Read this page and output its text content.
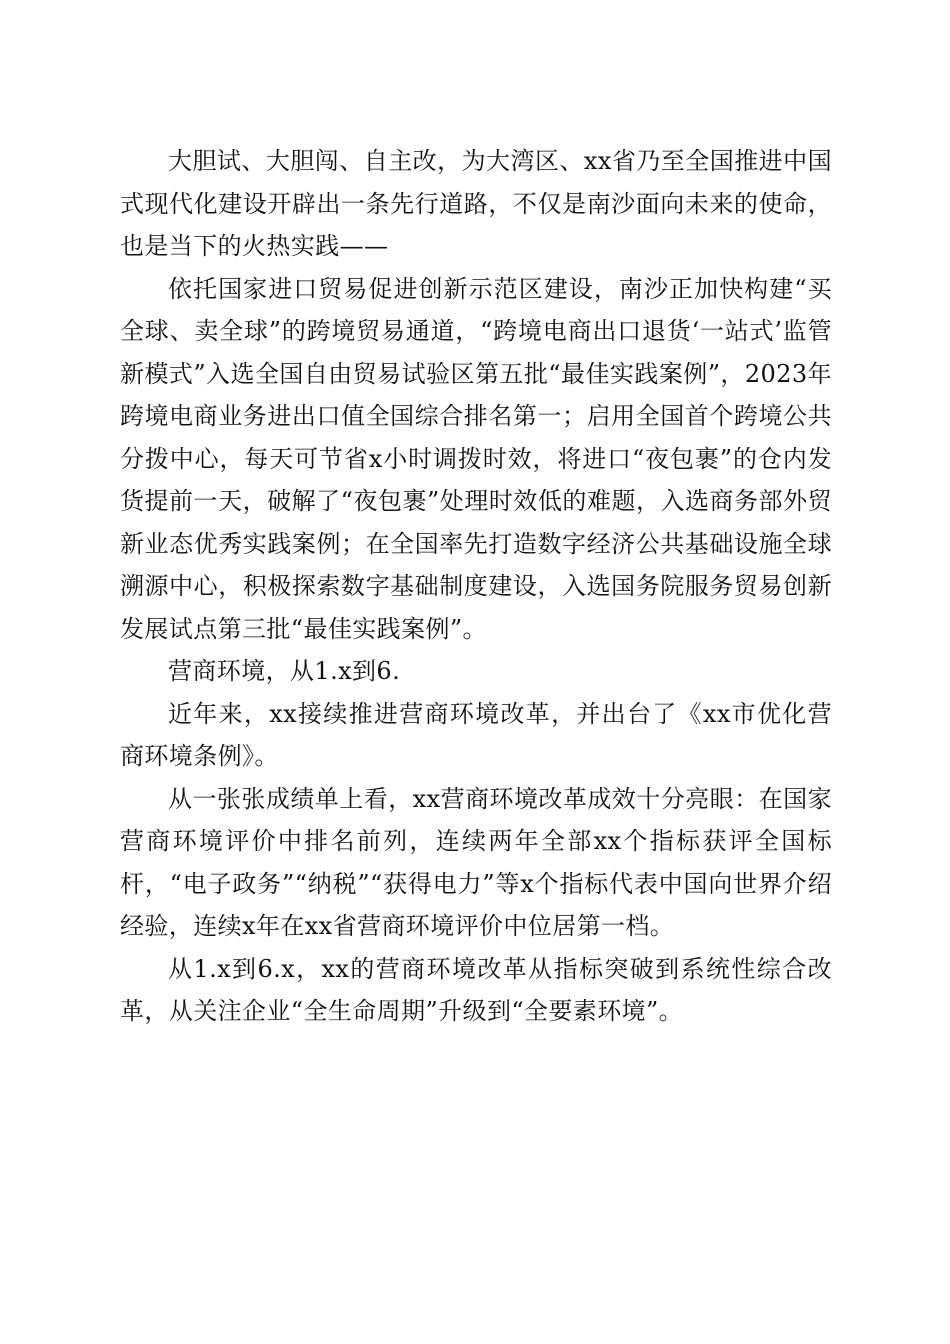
大胆试、大胆闯、自主改，为大湾区、xx省乃至全国推进中国式现代化建设开辟出一条先行道路，不仅是南沙面向未来的使命，也是当下的火热实践——

依托国家进口贸易促进创新示范区建设，南沙正加快构建“买全球、卖全球”的跨境贸易通道，“跨境电商出口退货‘一站式’监管新模式”入选全国自由贸易试验区第五批“最佳实践案例”，2023年跨境电商业务进出口值全国综合排名第一；启用全国首个跨境公共分拨中心，每天可节省x小时调拨时效，将进口“夜包裹”的仓内发货提前一天，破解了“夜包裹”处理时效低的难题，入选商务部外贸新业态优秀实践案例；在全国率先打造数字经济公共基础设施全球溯源中心，积极探索数字基础制度建设，入选国务院服务贸易创新发展试点第三批“最佳实践案例”。

营商环境，从1.x到6.

近年来，xx接续推进营商环境改革，并出台了《xx市优化营商环境条例》。

从一张张成绩单上看，xx营商环境改革成效十分亮眼：在国家营商环境评价中排名前列，连续两年全部xx个指标获评全国标杆，“电子政务”“纳税”“获得电力”等x个指标代表中国向世界介绍经验，连续x年在xx省营商环境评价中位居第一档。

从1.x到6.x，xx的营商环境改革从指标突破到系统性综合改革，从关注企业“全生命周期”升级到“全要素环境”。
